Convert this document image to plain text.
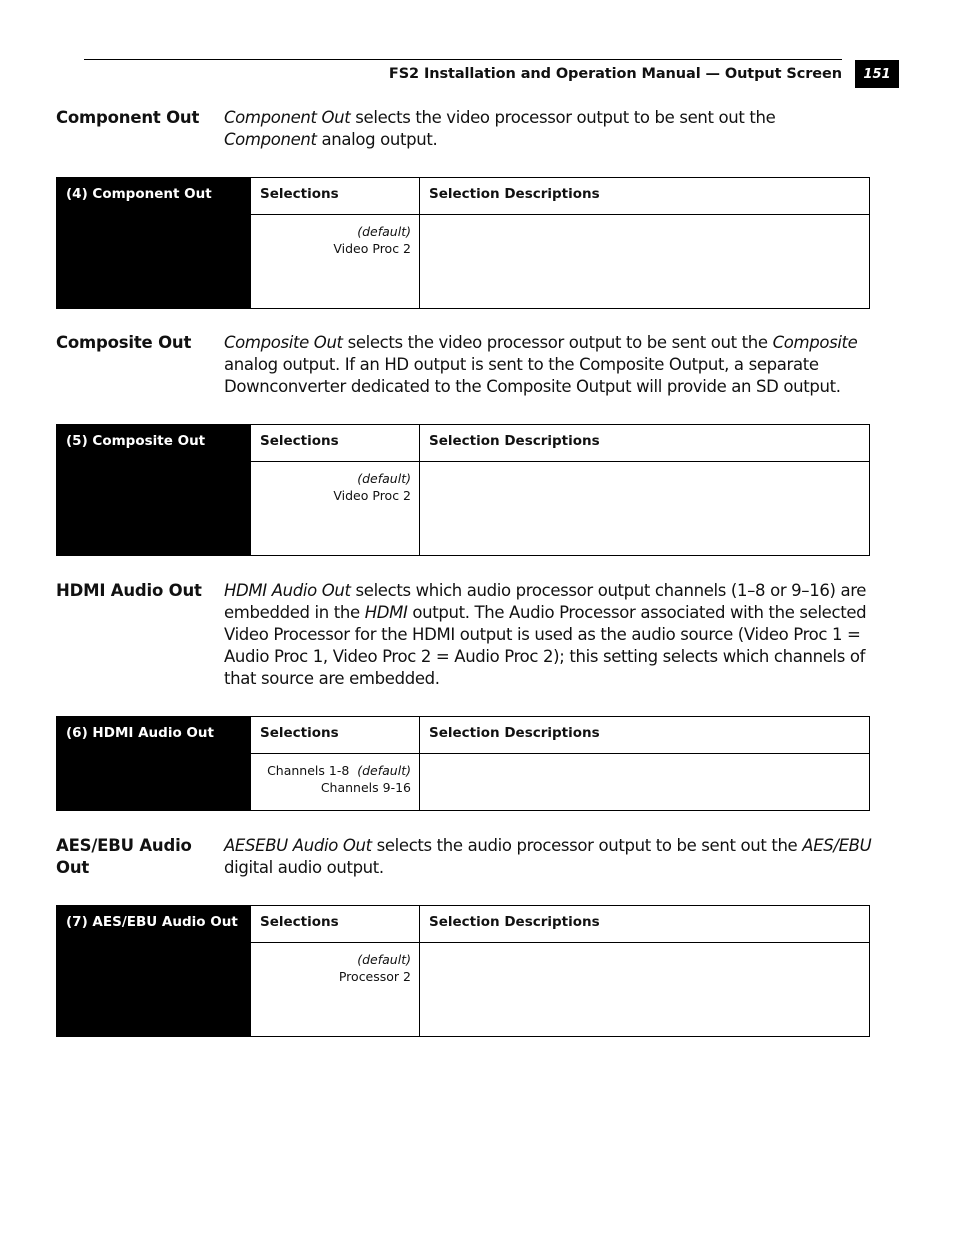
FS2 Installation and Operation Manual — Output Screen	151
Component Out	Component Out selects the video processor output to be sent out the Component analog output.
(4) Component Out	Selections	Selection Descriptions
(default)
Video Proc 2
Composite Out	Composite Out selects the video processor output to be sent out the Composite analog output. If an HD output is sent to the Composite Output, a separate Downconverter dedicated to the Composite Output will provide an SD output.
(5) Composite Out	Selections	Selection Descriptions
(default)
Video Proc 2
HDMI Audio Out HDMI Audio Out selects which audio processor output channels (1–8 or 9–16) are embedded in the HDMI output. The Audio Processor associated with the selected Video Processor for the HDMI output is used as the audio source (Video Proc 1 = Audio Proc 1, Video Proc 2 = Audio Proc 2); this setting selects which channels of that source are embedded.
(6) HDMI Audio Out	Selections	Selection Descriptions
Channels 1-8 (default)
Channels 9-16
AES/EBU Audio Out
AESEBU Audio Out selects the audio processor output to be sent out the AES/EBU digital audio output.
(7) AES/EBU Audio Out	Selections	Selection Descriptions
(default)
Processor 2
